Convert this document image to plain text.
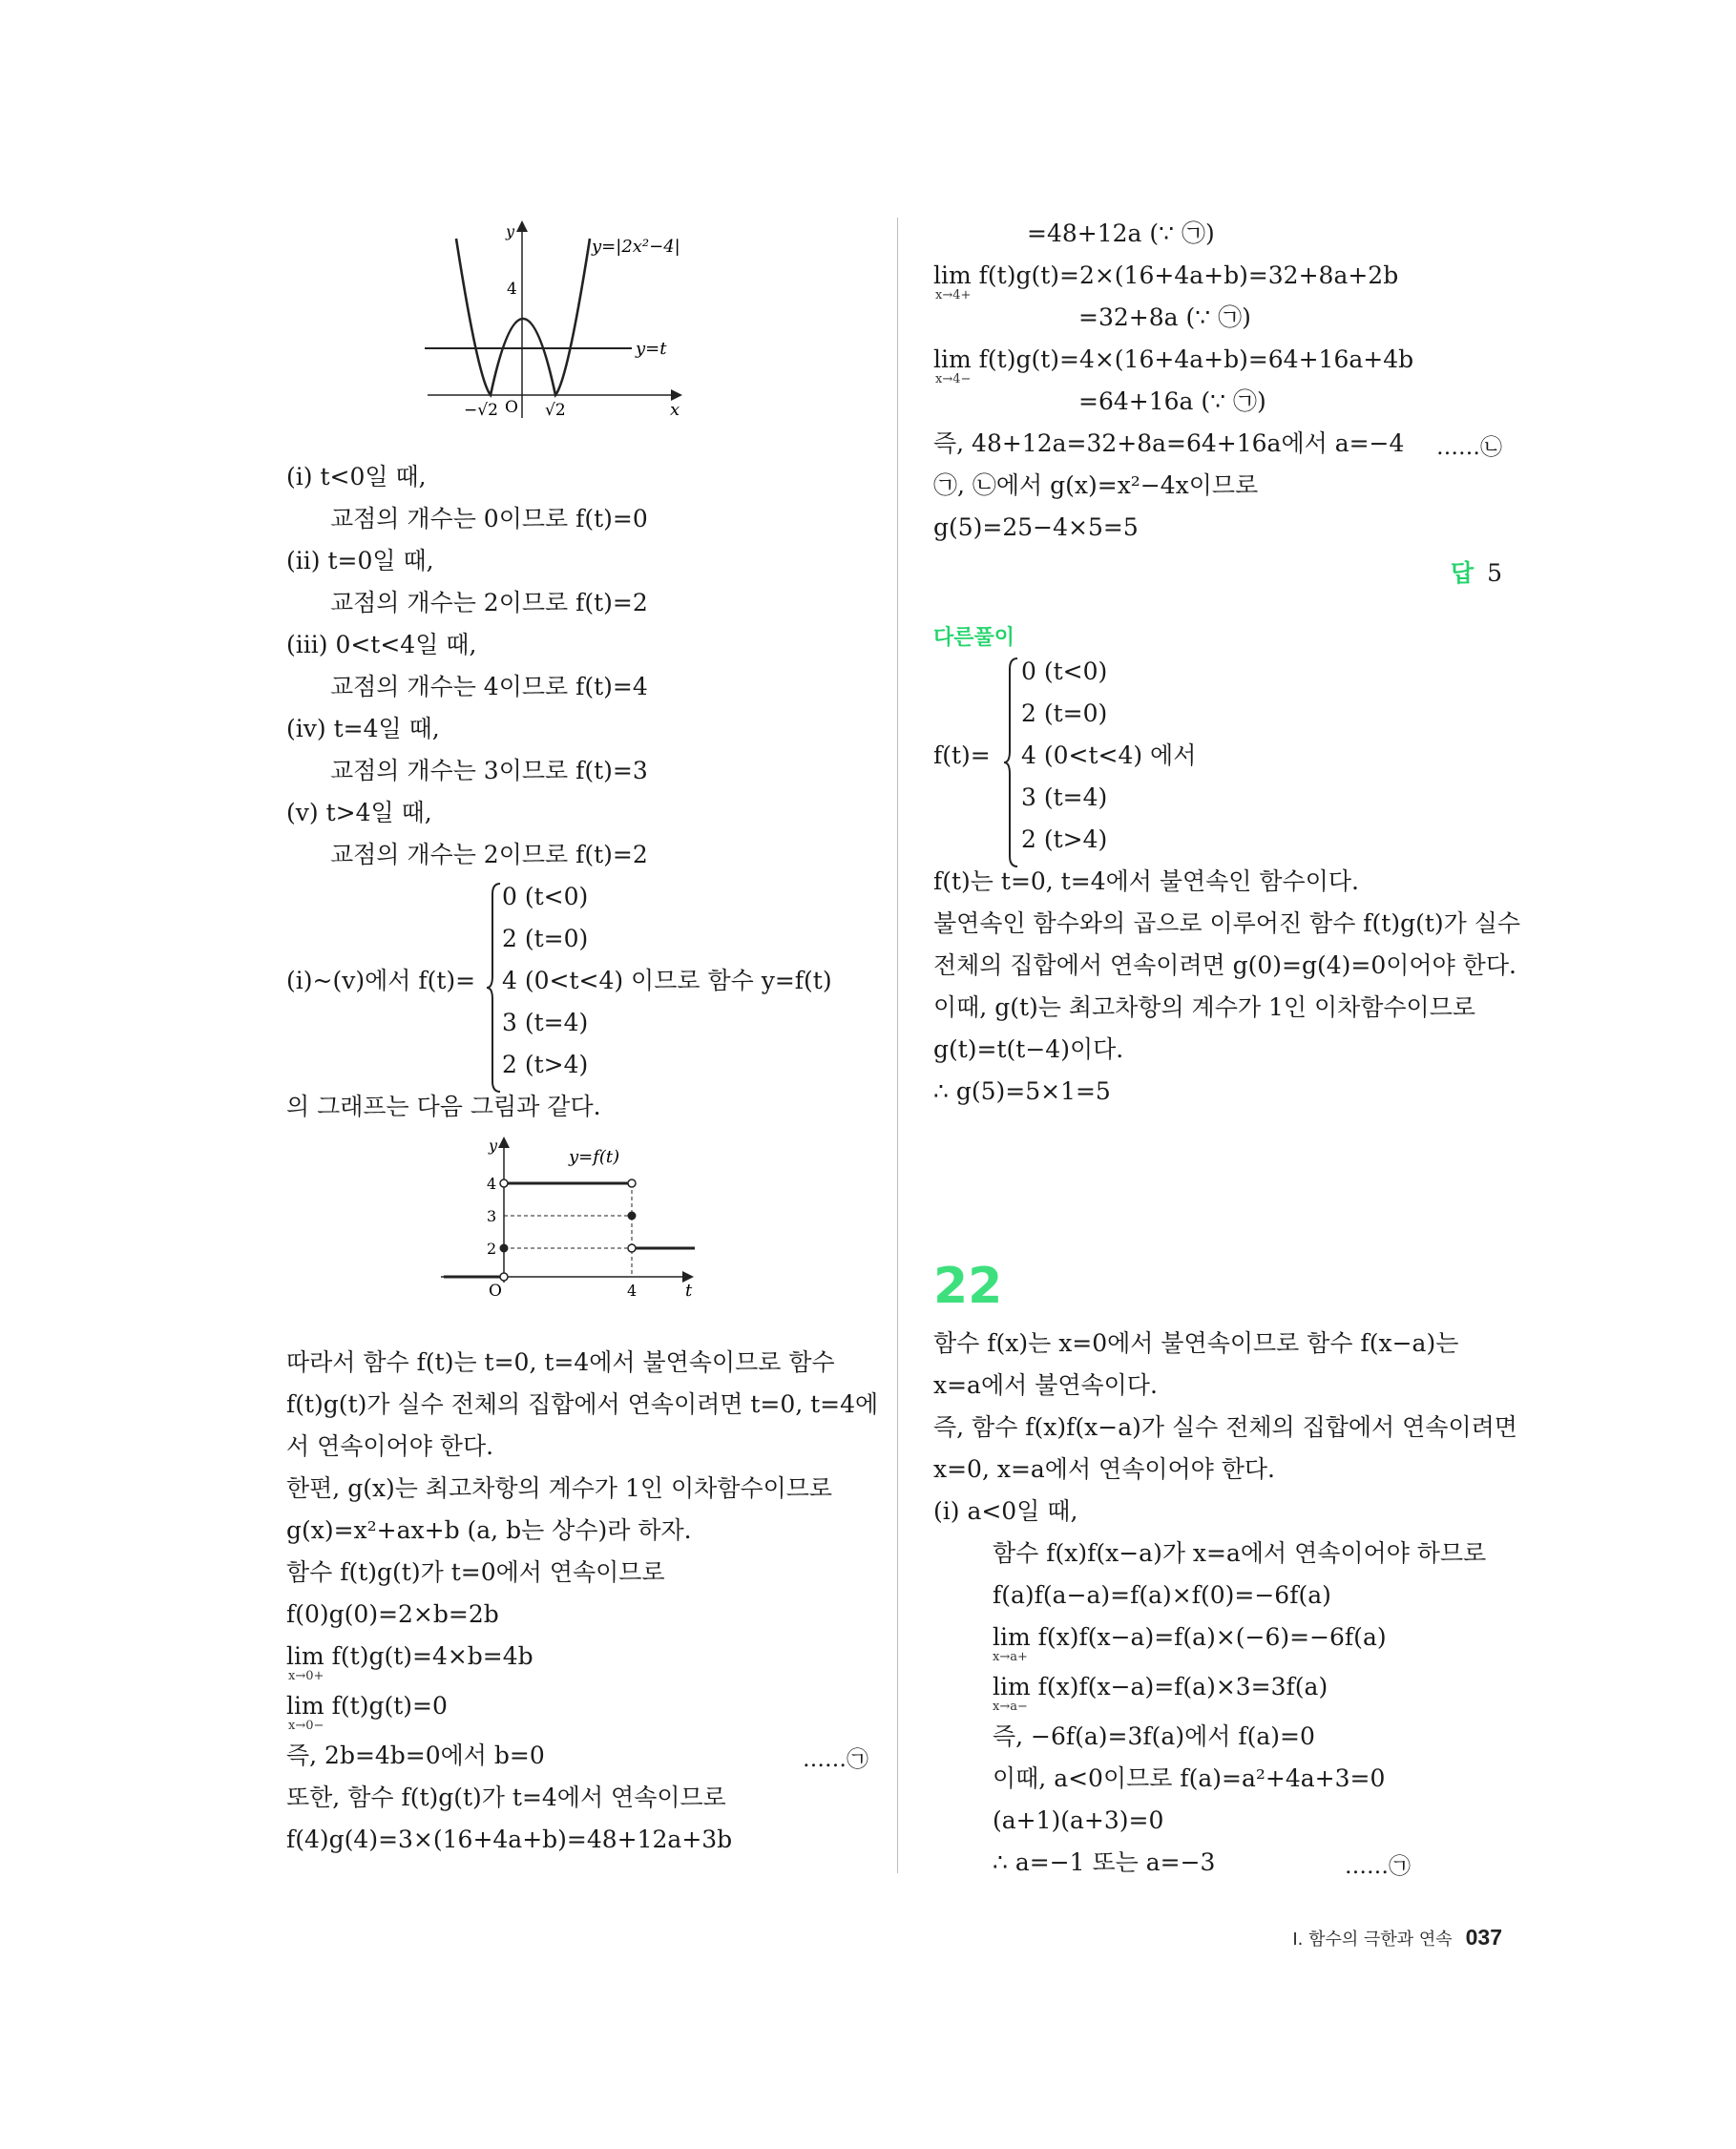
y=|2x²−4|
y=t
y
x
4
−√2 O √2
(ⅰ) t<0일 때,
교점의 개수는 0이므로 f(t)=0
(ⅱ) t=0일 때,
교점의 개수는 2이므로 f(t)=2
(ⅲ) 0<t<4일 때,
교점의 개수는 4이므로 f(t)=4
(ⅳ) t=4일 때,
교점의 개수는 3이므로 f(t)=3
(ⅴ) t>4일 때,
교점의 개수는 2이므로 f(t)=2
(ⅰ)~(ⅴ)에서 f(t)=
0 (t<0)
2 (t=0)
4 (0<t<4) 이므로 함수 y=f(t)
3 (t=4)
2 (t>4)
의 그래프는 다음 그림과 같다.
y=f(t)
y
4
3
2
O	4	t
따라서 함수 f(t)는 t=0, t=4에서 불연속이므로 함수
f(t)g(t)가 실수 전체의 집합에서 연속이려면 t=0, t=4에
서 연속이어야 한다.
한편, g(x)는 최고차항의 계수가 1인 이차함수이므로
g(x)=x²+ax+b (a, b는 상수)라 하자.
함수 f(t)g(t)가 t=0에서 연속이므로
f(0)g(0)=2×b=2b
lim f(t)g(t)=4×b=4b
x→0+
lim f(t)g(t)=0
x→0−
즉, 2b=4b=0에서 b=0	……㉠
또한, 함수 f(t)g(t)가 t=4에서 연속이므로
f(4)g(4)=3×(16+4a+b)=48+12a+3b
=48+12a (∵ ㉠)
lim f(t)g(t)=2×(16+4a+b)=32+8a+2b
x→4+
=32+8a (∵ ㉠)
lim f(t)g(t)=4×(16+4a+b)=64+16a+4b
x→4−
=64+16a (∵ ㉠)
즉, 48+12a=32+8a=64+16a에서 a=−4 ……㉡
㉠, ㉡에서 g(x)=x²−4x이므로
g(5)=25−4×5=5
답 5
다른풀이
f(t)=
0 (t<0)
2 (t=0)
4 (0<t<4) 에서
3 (t=4)
2 (t>4)
f(t)는 t=0, t=4에서 불연속인 함수이다.
불연속인 함수와의 곱으로 이루어진 함수 f(t)g(t)가 실수
전체의 집합에서 연속이려면 g(0)=g(4)=0이어야 한다.
이때, g(t)는 최고차항의 계수가 1인 이차함수이므로
g(t)=t(t−4)이다.
∴ g(5)=5×1=5
22
함수 f(x)는 x=0에서 불연속이므로 함수 f(x−a)는
x=a에서 불연속이다.
즉, 함수 f(x)f(x−a)가 실수 전체의 집합에서 연속이려면
x=0, x=a에서 연속이어야 한다.
(ⅰ) a<0일 때,
함수 f(x)f(x−a)가 x=a에서 연속이어야 하므로
f(a)f(a−a)=f(a)×f(0)=−6f(a)
lim f(x)f(x−a)=f(a)×(−6)=−6f(a)
x→a+
lim f(x)f(x−a)=f(a)×3=3f(a)
x→a−
즉, −6f(a)=3f(a)에서 f(a)=0
이때, a<0이므로 f(a)=a²+4a+3=0
(a+1)(a+3)=0
∴ a=−1 또는 a=−3	……㉠
I. 함수의 극한과 연속 037
